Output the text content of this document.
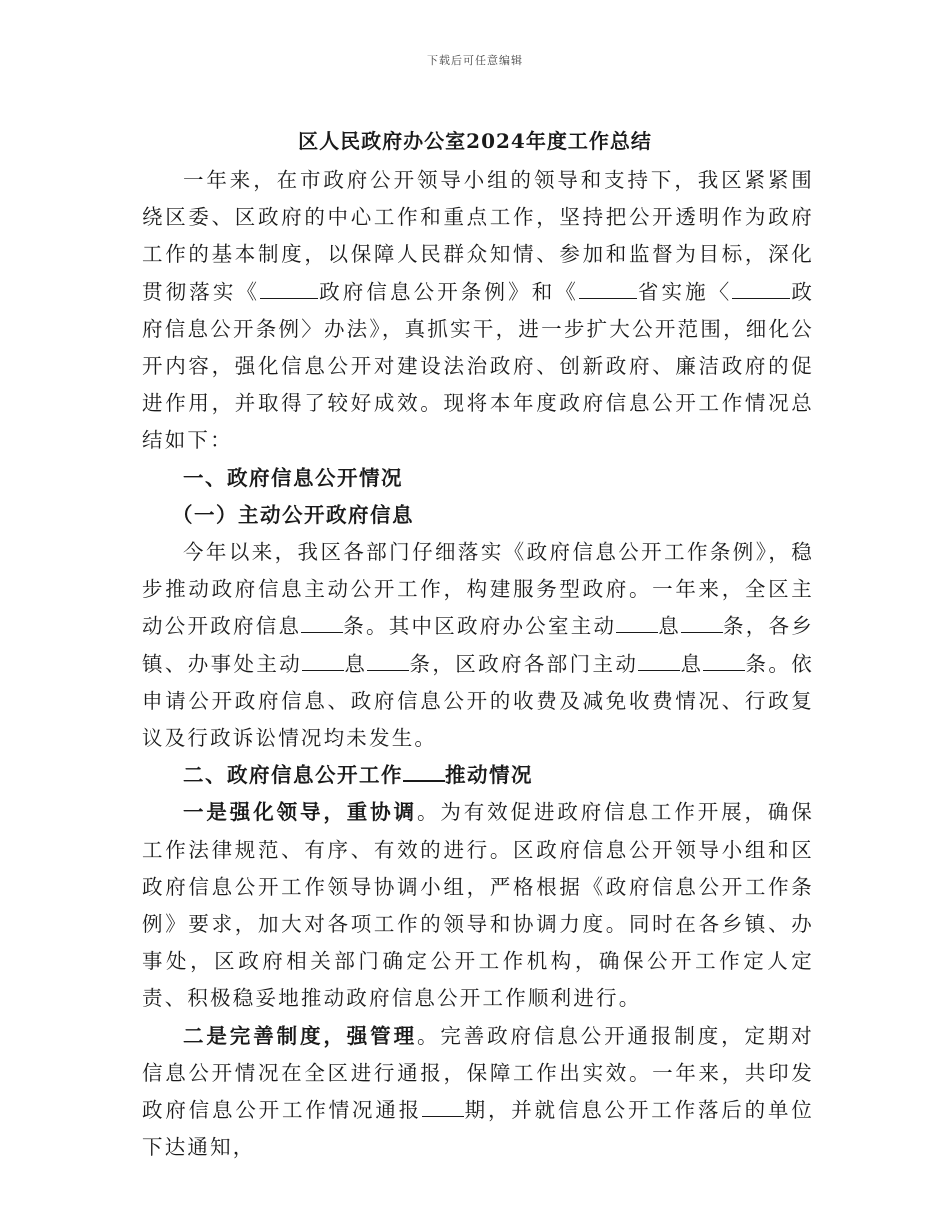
下载后可任意编辑
区人民政府办公室2024年度工作总结

一年来，在市政府公开领导小组的领导和支持下，我区紧紧围绕区委、区政府的中心工作和重点工作，坚持把公开透明作为政府工作的基本制度，以保障人民群众知情、参加和监督为目标，深化贯彻落实《	政府信息公开条例》和《	省实施〈	政府信息公开条例〉办法》，真抓实干，进一步扩大公开范围，细化公开内容，强化信息公开对建设法治政府、创新政府、廉洁政府的促进作用，并取得了较好成效。现将本年度政府信息公开工作情况总结如下：

一、政府信息公开情况

（一）主动公开政府信息

今年以来，我区各部门仔细落实《政府信息公开工作条例》，稳步推动政府信息主动公开工作，构建服务型政府。一年来，全区主动公开政府信息 条。其中区政府办公室主动 息 条，各乡镇、办事处主动 息 条，区政府各部门主动 息 条。依申请公开政府信息、政府信息公开的收费及减免收费情况、行政复议及行政诉讼情况均未发生。

二、政府信息公开工作 推动情况

一是强化领导，重协调。为有效促进政府信息工作开展，确保工作法律规范、有序、有效的进行。区政府信息公开领导小组和区政府信息公开工作领导协调小组，严格根据《政府信息公开工作条例》要求，加大对各项工作的领导和协调力度。同时在各乡镇、办事处，区政府相关部门确定公开工作机构，确保公开工作定人定责、积极稳妥地推动政府信息公开工作顺利进行。

二是完善制度，强管理。完善政府信息公开通报制度，定期对信息公开情况在全区进行通报，保障工作出实效。一年来，共印发政府信息公开工作情况通报 期，并就信息公开工作落后的单位下达通知，
